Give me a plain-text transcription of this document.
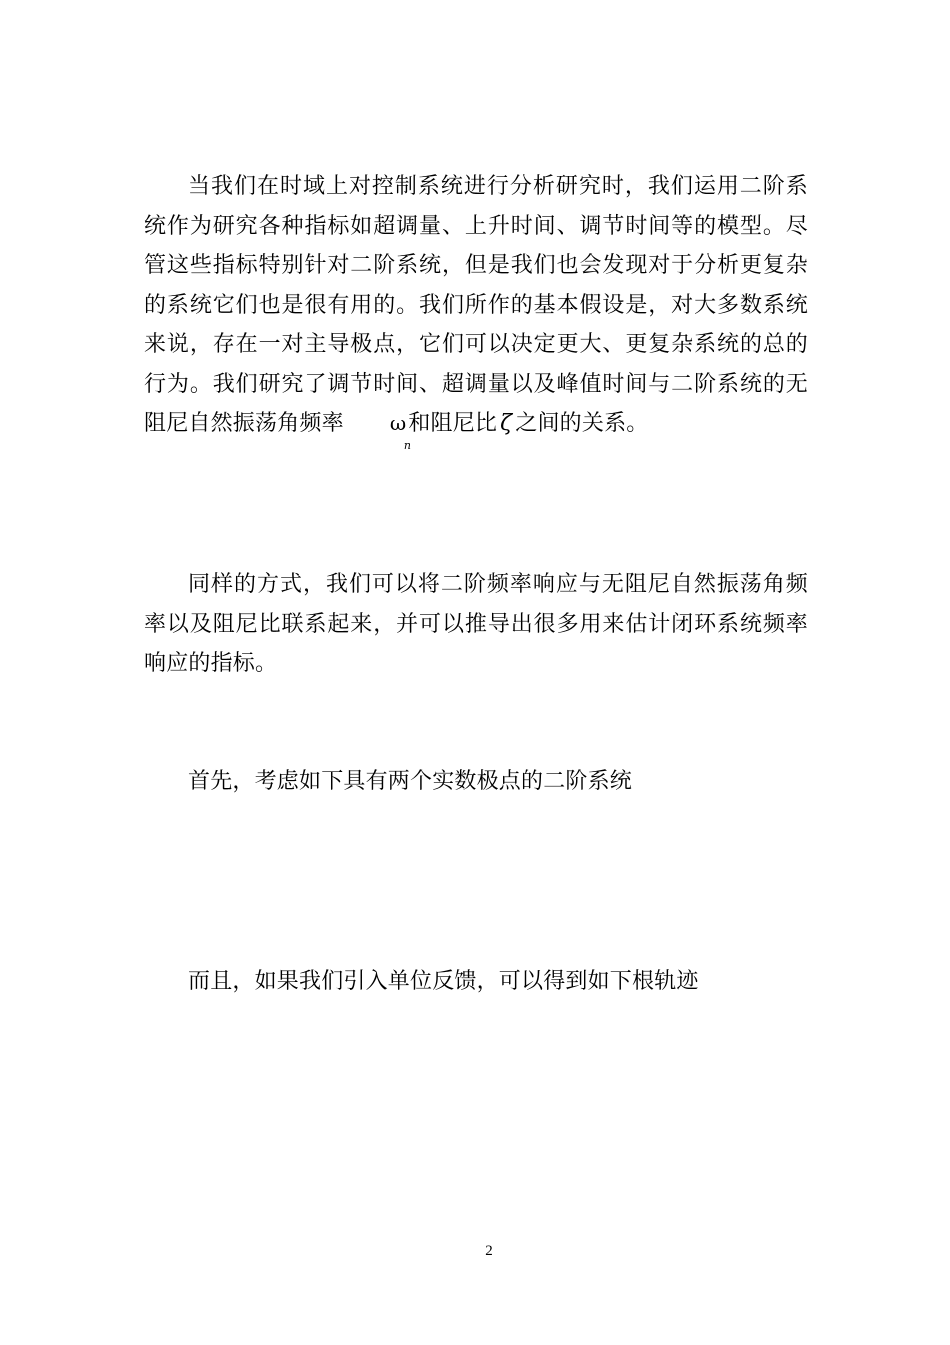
当我们在时域上对控制系统进行分析研究时，我们运用二阶系统作为研究各种指标如超调量、上升时间、调节时间等的模型。尽管这些指标特别针对二阶系统，但是我们也会发现对于分析更复杂的系统它们也是很有用的。我们所作的基本假设是，对大多数系统来说，存在一对主导极点，它们可以决定更大、更复杂系统的总的行为。我们研究了调节时间、超调量以及峰值时间与二阶系统的无阻尼自然振荡角频率 ω
n
和阻尼比 ζ 之间的关系。

同样的方式，我们可以将二阶频率响应与无阻尼自然振荡角频率以及阻尼比联系起来，并可以推导出很多用来估计闭环系统频率响应的指标。

首先，考虑如下具有两个实数极点的二阶系统

而且，如果我们引入单位反馈，可以得到如下根轨迹

2
